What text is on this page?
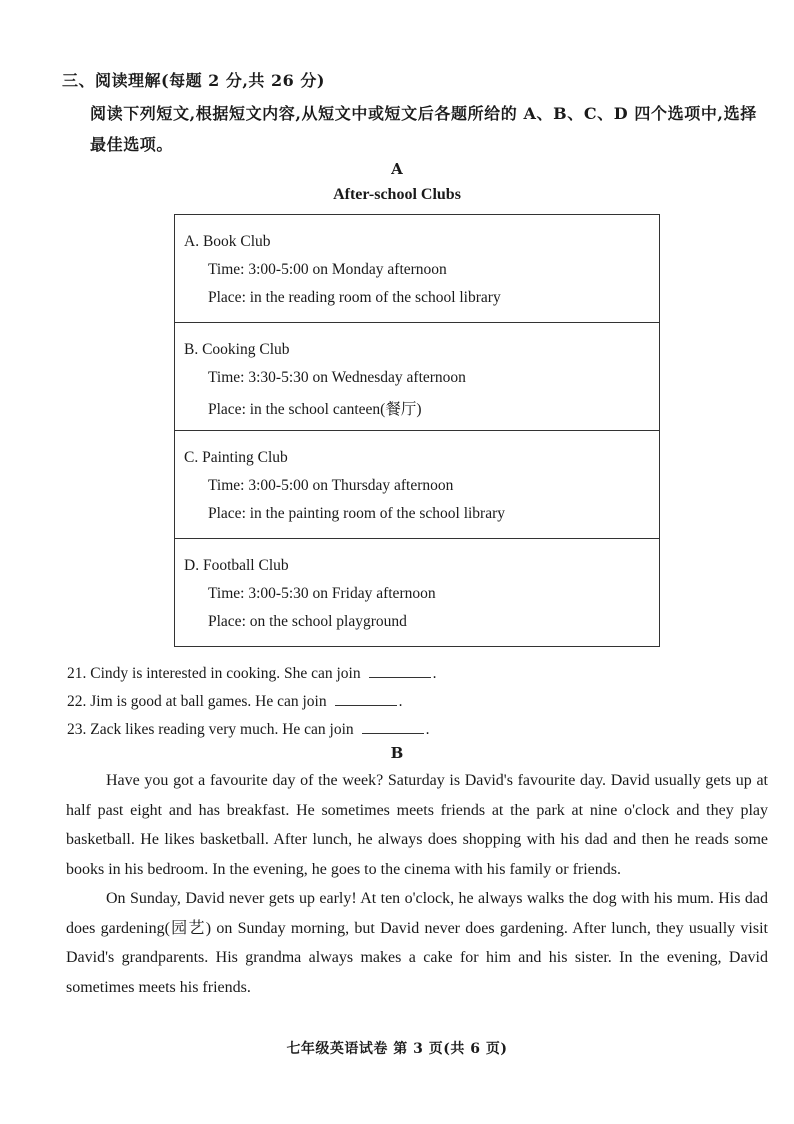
三、阅读理解(每题 2 分,共 26 分)
阅读下列短文,根据短文内容,从短文中或短文后各题所给的 A、B、C、D 四个选项中,选择最佳选项。
A
After-school Clubs
A. Book Club
Time: 3:00-5:00 on Monday afternoon
Place: in the reading room of the school library
B. Cooking Club
Time: 3:30-5:30 on Wednesday afternoon
Place: in the school canteen(餐厅)
C. Painting Club
Time: 3:00-5:00 on Thursday afternoon
Place: in the painting room of the school library
D. Football Club
Time: 3:00-5:30 on Friday afternoon
Place: on the school playground
21. Cindy is interested in cooking. She can join	.
22. Jim is good at ball games. He can join	.
23. Zack likes reading very much. He can join	.
B

Have you got a favourite day of the week? Saturday is David's favourite day. David usually gets up at half past eight and has breakfast. He sometimes meets friends at the park at nine o'clock and they play basketball. He likes basketball. After lunch, he always does shopping with his dad and then he reads some books in his bedroom. In the evening, he goes to the cinema with his family or friends.

On Sunday, David never gets up early! At ten o'clock, he always walks the dog with his mum. His dad does gardening(园艺) on Sunday morning, but David never does gardening. After lunch, they usually visit David's grandparents. His grandma always makes a cake for him and his sister. In the evening, David sometimes meets his friends.

七年级英语试卷 第 3 页(共 6 页)
